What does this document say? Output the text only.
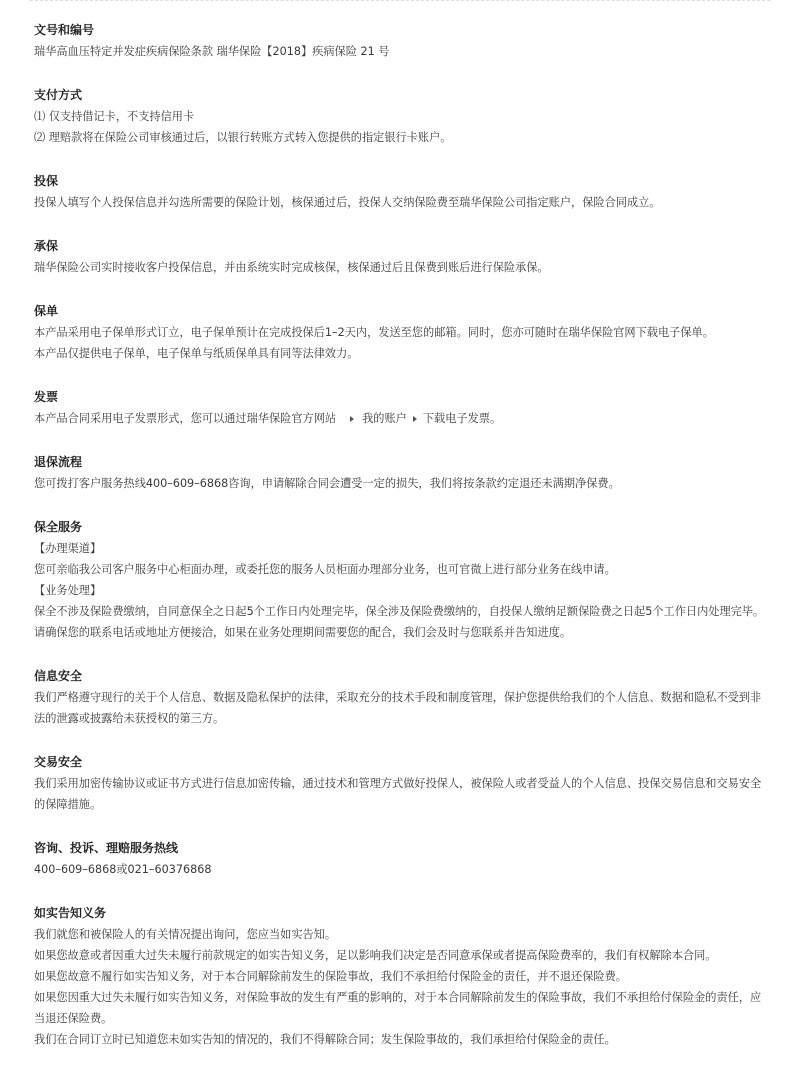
文号和编号
瑞华高血压特定并发症疾病保险条款 瑞华保险【2018】疾病保险 21 号
支付方式
⑴ 仅支持借记卡，不支持信用卡
⑵ 理赔款将在保险公司审核通过后，以银行转账方式转入您提供的指定银行卡账户。
投保
投保人填写个人投保信息并勾选所需要的保险计划，核保通过后，投保人交纳保险费至瑞华保险公司指定账户，保险合同成立。
承保
瑞华保险公司实时接收客户投保信息，并由系统实时完成核保，核保通过后且保费到账后进行保险承保。
保单
本产品采用电子保单形式订立，电子保单预计在完成投保后1–2天内，发送至您的邮箱。同时，您亦可随时在瑞华保险官网下载电子保单。
本产品仅提供电子保单，电子保单与纸质保单具有同等法律效力。
发票
本产品合同采用电子发票形式，您可以通过瑞华保险官方网站 我的账户 下载电子发票。
退保流程
您可拨打客户服务热线400–609–6868咨询，申请解除合同会遭受一定的损失，我们将按条款约定退还未满期净保费。
保全服务
【办理渠道】
您可亲临我公司客户服务中心柜面办理，或委托您的服务人员柜面办理部分业务，也可官微上进行部分业务在线申请。
【业务处理】
保全不涉及保险费缴纳，自同意保全之日起5个工作日内处理完毕，保全涉及保险费缴纳的，自投保人缴纳足额保险费之日起5个工作日内处理完毕。
请确保您的联系电话或地址方便接洽，如果在业务处理期间需要您的配合，我们会及时与您联系并告知进度。
信息安全
我们严格遵守现行的关于个人信息、数据及隐私保护的法律，采取充分的技术手段和制度管理，保护您提供给我们的个人信息、数据和隐私不受到非法的泄露或披露给未获授权的第三方。
交易安全
我们采用加密传输协议或证书方式进行信息加密传输，通过技术和管理方式做好投保人，被保险人或者受益人的个人信息、投保交易信息和交易安全的保障措施。
咨询、投诉、理赔服务热线
400–609–6868或021–60376868
如实告知义务
我们就您和被保险人的有关情况提出询问，您应当如实告知。
如果您故意或者因重大过失未履行前款规定的如实告知义务，足以影响我们决定是否同意承保或者提高保险费率的，我们有权解除本合同。
如果您故意不履行如实告知义务，对于本合同解除前发生的保险事故，我们不承担给付保险金的责任，并不退还保险费。
如果您因重大过失未履行如实告知义务，对保险事故的发生有严重的影响的，对于本合同解除前发生的保险事故，我们不承担给付保险金的责任，应当退还保险费。
我们在合同订立时已知道您未如实告知的情况的，我们不得解除合同；发生保险事故的，我们承担给付保险金的责任。
